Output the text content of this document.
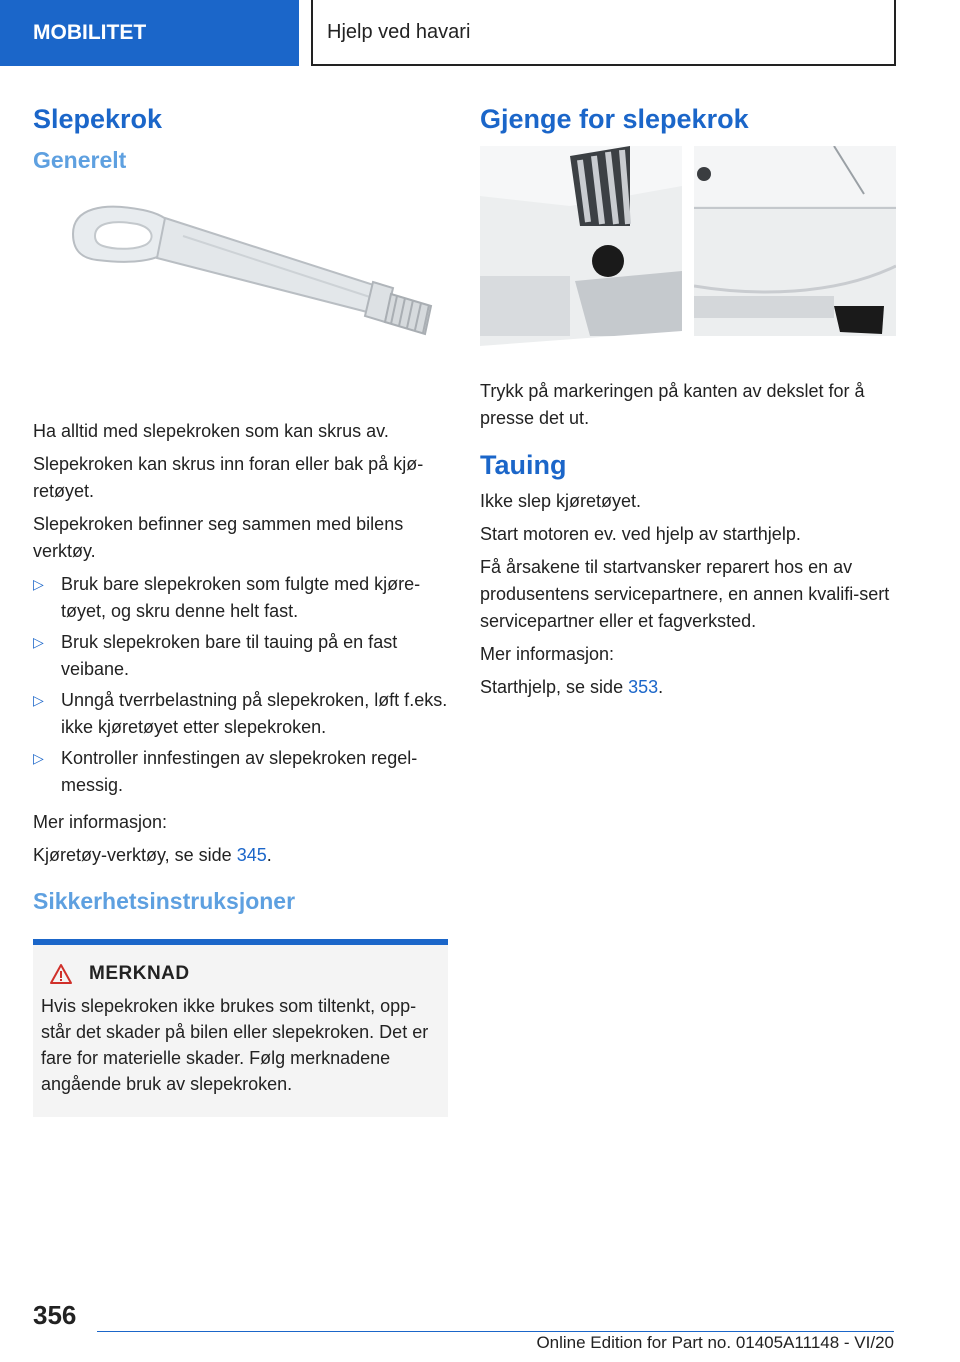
MOBILITET	Hjelp ved havari
Slepekrok
Generelt

Ha alltid med slepekroken som kan skrus av.

Slepekroken kan skrus inn foran eller bak på kjø-retøyet.

Slepekroken befinner seg sammen med bilens verktøy.

▷ Bruk bare slepekroken som fulgte med kjøre-tøyet, og skru denne helt fast.
▷ Bruk slepekroken bare til tauing på en fast veibane.
▷ Unngå tverrbelastning på slepekroken, løft f.eks. ikke kjøretøyet etter slepekroken.
▷ Kontroller innfestingen av slepekroken regel-messig.

Mer informasjon:

Kjøretøy-verktøy, se side 345.

Sikkerhetsinstruksjoner
MERKNAD

Hvis slepekroken ikke brukes som tiltenkt, opp-står det skader på bilen eller slepekroken. Det er fare for materielle skader. Følg merknadene angående bruk av slepekroken.

Gjenge for slepekrok

Trykk på markeringen på kanten av dekslet for å presse det ut.

Tauing

Ikke slep kjøretøyet.

Start motoren ev. ved hjelp av starthjelp.

Få årsakene til startvansker reparert hos en av produsentens servicepartnere, en annen kvalifi-sert servicepartner eller et fagverksted.

Mer informasjon:

Starthjelp, se side 353.

356
Online Edition for Part no. 01405A11148 - VI/20
